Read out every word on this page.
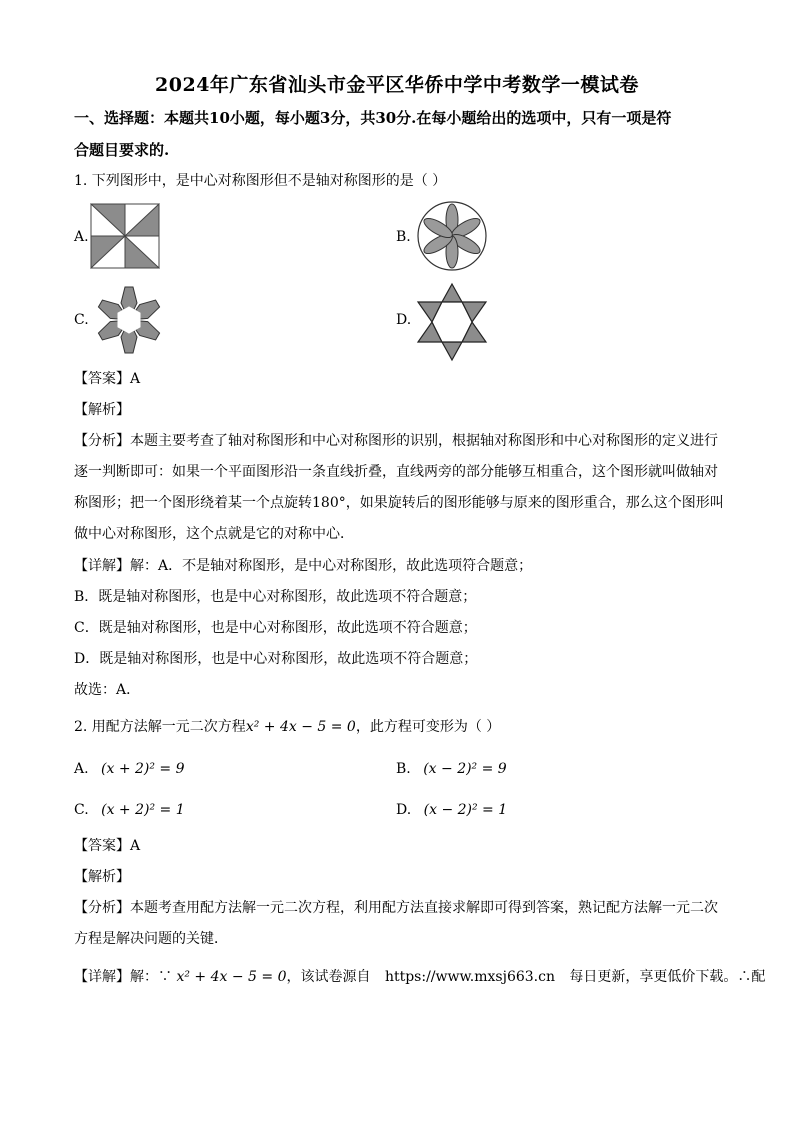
2024年广东省汕头市金平区华侨中学中考数学一模试卷
一、选择题：本题共10小题，每小题3分，共30分.在每小题给出的选项中，只有一项是符
合题目要求的.
1. 下列图形中，是中心对称图形但不是轴对称图形的是（ ）
A.	B.
C.	D.
【答案】A
【解析】
【分析】本题主要考查了轴对称图形和中心对称图形的识别，根据轴对称图形和中心对称图形的定义进行
逐一判断即可：如果一个平面图形沿一条直线折叠，直线两旁的部分能够互相重合，这个图形就叫做轴对
称图形；把一个图形绕着某一个点旋转180°，如果旋转后的图形能够与原来的图形重合，那么这个图形叫
做中心对称图形，这个点就是它的对称中心．
【详解】解：A．不是轴对称图形，是中心对称图形，故此选项符合题意；
B．既是轴对称图形，也是中心对称图形，故此选项不符合题意；
C．既是轴对称图形，也是中心对称图形，故此选项不符合题意；
D．既是轴对称图形，也是中心对称图形，故此选项不符合题意；
故选：A．
2. 用配方法解一元二次方程x² + 4x − 5 = 0，此方程可变形为（ ）
A. (x + 2)² = 9	B. (x − 2)² = 9
C. (x + 2)² = 1	D. (x − 2)² = 1
【答案】A
【解析】
【分析】本题考查用配方法解一元二次方程，利用配方法直接求解即可得到答案，熟记配方法解一元二次
方程是解决问题的关键．
【详解】解：∵ x² + 4x − 5 = 0，该试卷源自 https://www.mxsj663.cn 每日更新，享更低价下载。∴配
